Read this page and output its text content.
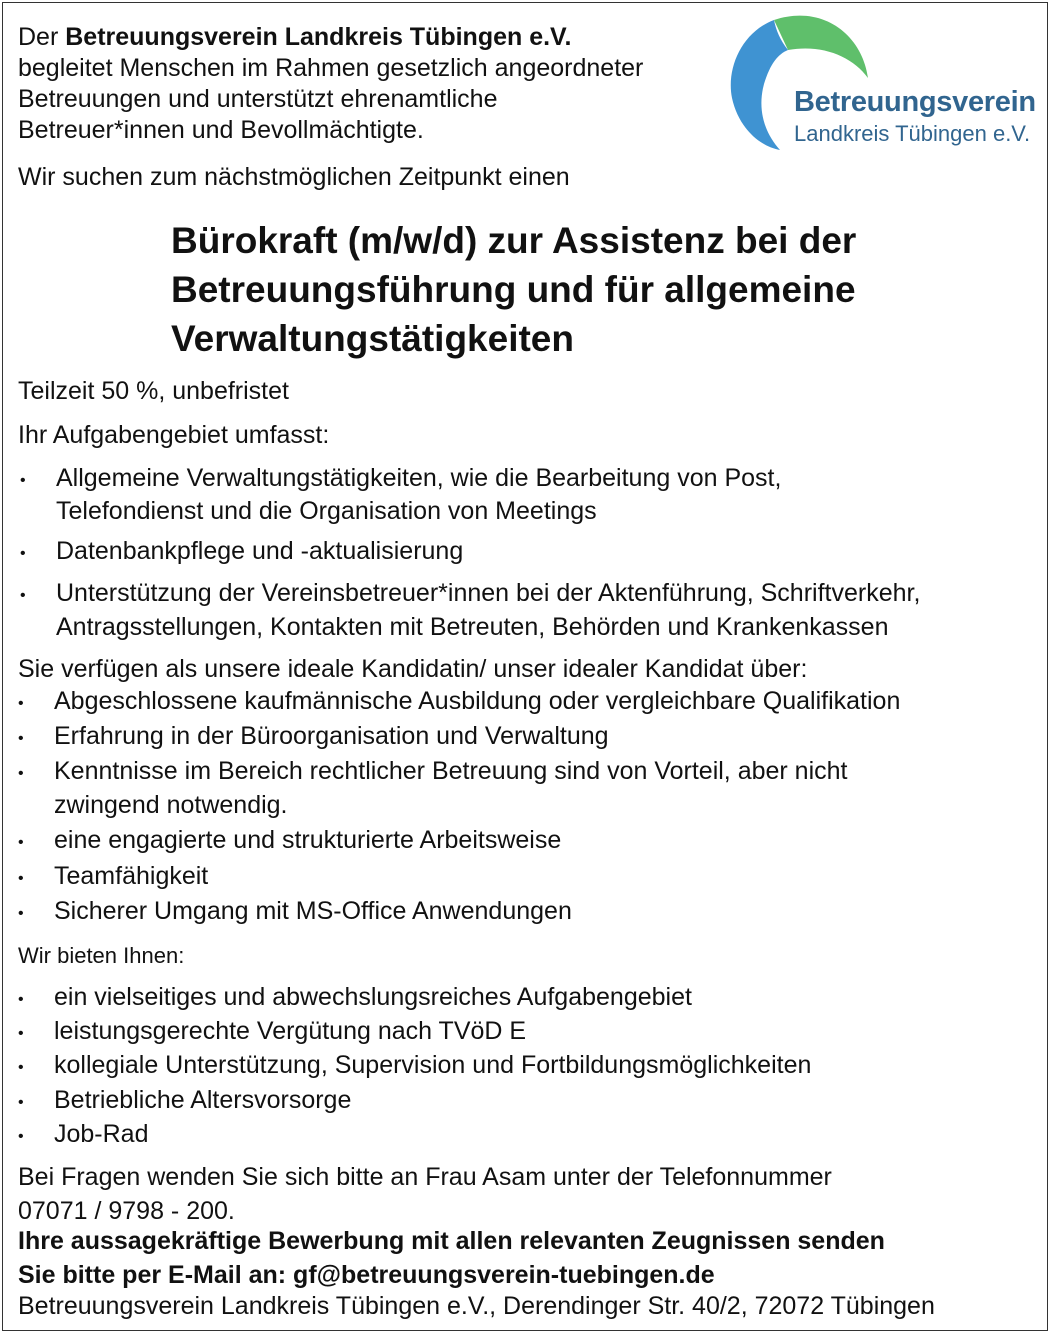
Der Betreuungsverein Landkreis Tübingen e.V.
begleitet Menschen im Rahmen gesetzlich angeordneter
Betreuungen und unterstützt ehrenamtliche
Betreuer*innen und Bevollmächtigte.
Wir suchen zum nächstmöglichen Zeitpunkt einen
Betreuungsverein
Landkreis Tübingen e.V.
Bürokraft (m/w/d) zur Assistenz bei der
Betreuungsführung und für allgemeine
Verwaltungstätigkeiten
Teilzeit 50 %, unbefristet
Ihr Aufgabengebiet umfasst:
• Allgemeine Verwaltungstätigkeiten, wie die Bearbeitung von Post,
Telefondienst und die Organisation von Meetings
• Datenbankpflege und -aktualisierung
• Unterstützung der Vereinsbetreuer*innen bei der Aktenführung, Schriftverkehr,
Antragsstellungen, Kontakten mit Betreuten, Behörden und Krankenkassen
Sie verfügen als unsere ideale Kandidatin/ unser idealer Kandidat über:
• Abgeschlossene kaufmännische Ausbildung oder vergleichbare Qualifikation
• Erfahrung in der Büroorganisation und Verwaltung
• Kenntnisse im Bereich rechtlicher Betreuung sind von Vorteil, aber nicht
zwingend notwendig.
• eine engagierte und strukturierte Arbeitsweise
• Teamfähigkeit
• Sicherer Umgang mit MS-Office Anwendungen
Wir bieten Ihnen:
• ein vielseitiges und abwechslungsreiches Aufgabengebiet
• leistungsgerechte Vergütung nach TVöD E
• kollegiale Unterstützung, Supervision und Fortbildungsmöglichkeiten
• Betriebliche Altersvorsorge
• Job-Rad
Bei Fragen wenden Sie sich bitte an Frau Asam unter der Telefonnummer
07071 / 9798 - 200.
Ihre aussagekräftige Bewerbung mit allen relevanten Zeugnissen senden
Sie bitte per E-Mail an: gf@betreuungsverein-tuebingen.de
Betreuungsverein Landkreis Tübingen e.V., Derendinger Str. 40/2, 72072 Tübingen
